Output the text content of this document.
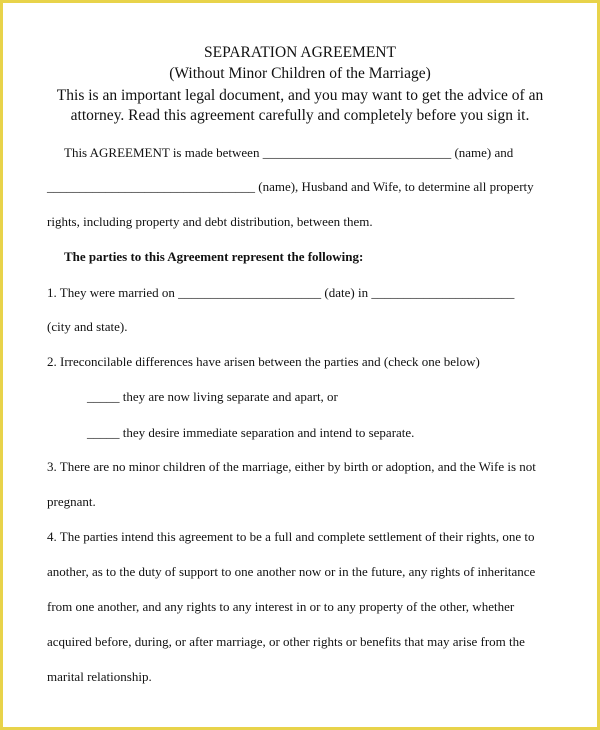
SEPARATION AGREEMENT
(Without Minor Children of the Marriage)
This is an important legal document, and you may want to get the advice of an
attorney. Read this agreement carefully and completely before you sign it.
This AGREEMENT is made between _____________________________ (name) and
________________________________ (name), Husband and Wife, to determine all property
rights, including property and debt distribution, between them.
The parties to this Agreement represent the following:
1. They were married on ______________________ (date) in ______________________
(city and state).
2. Irreconcilable differences have arisen between the parties and (check one below)
_____ they are now living separate and apart, or
_____ they desire immediate separation and intend to separate.
3. There are no minor children of the marriage, either by birth or adoption, and the Wife is not
pregnant.
4. The parties intend this agreement to be a full and complete settlement of their rights, one to
another, as to the duty of support to one another now or in the future, any rights of inheritance
from one another, and any rights to any interest in or to any property of the other, whether
acquired before, during, or after marriage, or other rights or benefits that may arise from the
marital relationship.
